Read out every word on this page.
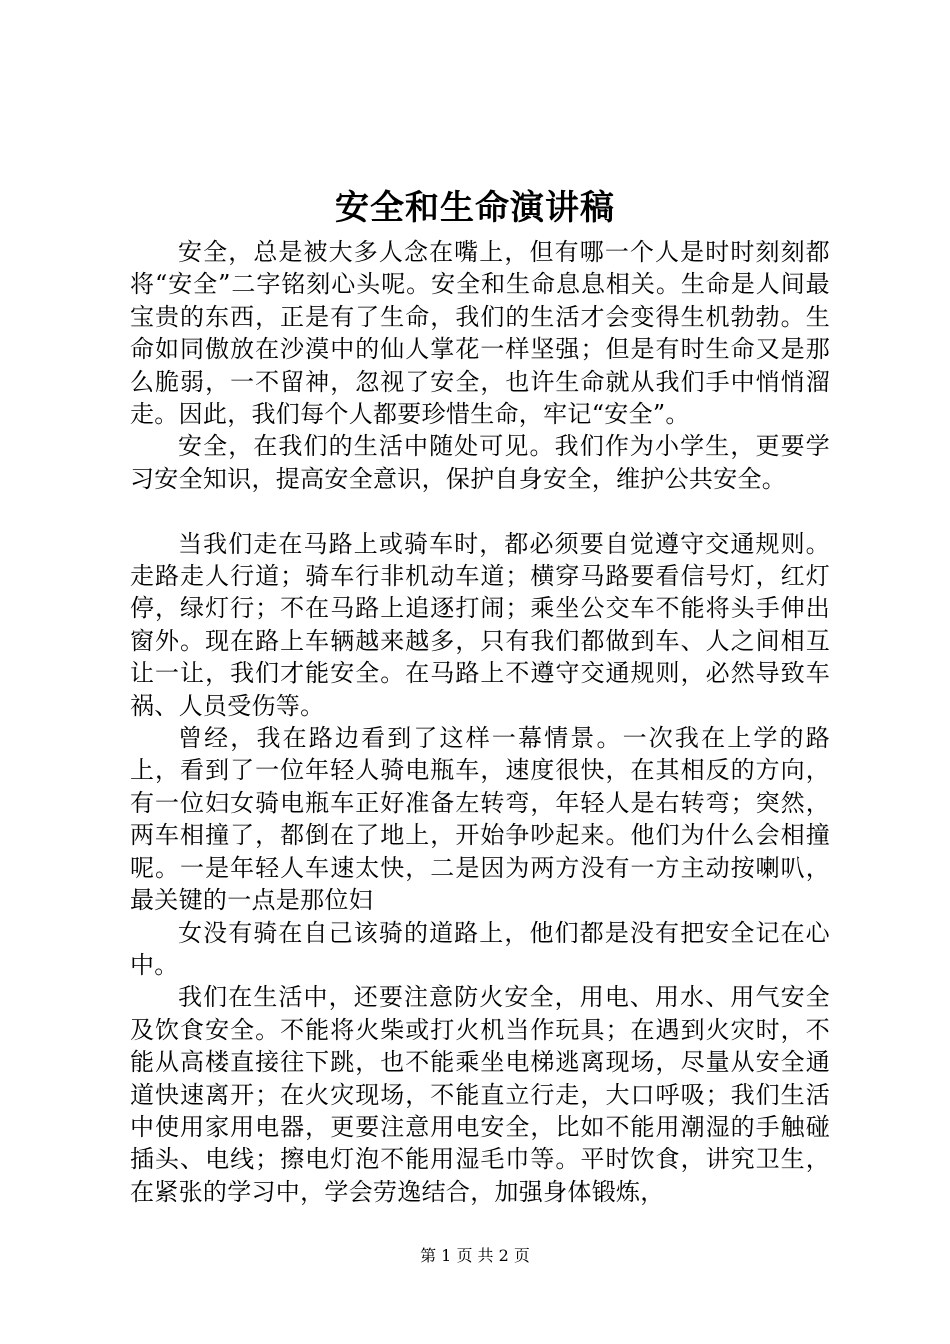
安全和生命演讲稿

安全，总是被大多人念在嘴上，但有哪一个人是时时刻刻都将“安全”二字铭刻心头呢。安全和生命息息相关。生命是人间最宝贵的东西，正是有了生命，我们的生活才会变得生机勃勃。生命如同傲放在沙漠中的仙人掌花一样坚强；但是有时生命又是那么脆弱，一不留神，忽视了安全，也许生命就从我们手中悄悄溜走。因此，我们每个人都要珍惜生命，牢记“安全”。

安全，在我们的生活中随处可见。我们作为小学生，更要学习安全知识，提高安全意识，保护自身安全，维护公共安全。

当我们走在马路上或骑车时，都必须要自觉遵守交通规则。走路走人行道；骑车行非机动车道；横穿马路要看信号灯，红灯停，绿灯行；不在马路上追逐打闹；乘坐公交车不能将头手伸出窗外。现在路上车辆越来越多，只有我们都做到车、人之间相互让一让，我们才能安全。在马路上不遵守交通规则，必然导致车祸、人员受伤等。

曾经，我在路边看到了这样一幕情景。一次我在上学的路上，看到了一位年轻人骑电瓶车，速度很快，在其相反的方向，有一位妇女骑电瓶车正好准备左转弯，年轻人是右转弯；突然，两车相撞了，都倒在了地上，开始争吵起来。他们为什么会相撞呢。一是年轻人车速太快，二是因为两方没有一方主动按喇叭，最关键的一点是那位妇

女没有骑在自己该骑的道路上，他们都是没有把安全记在心中。

我们在生活中，还要注意防火安全，用电、用水、用气安全及饮食安全。不能将火柴或打火机当作玩具；在遇到火灾时，不能从高楼直接往下跳，也不能乘坐电梯逃离现场，尽量从安全通道快速离开；在火灾现场，不能直立行走，大口呼吸；我们生活中使用家用电器，更要注意用电安全，比如不能用潮湿的手触碰插头、电线；擦电灯泡不能用湿毛巾等。平时饮食，讲究卫生，在紧张的学习中，学会劳逸结合，加强身体锻炼，

第 1 页 共 2 页
